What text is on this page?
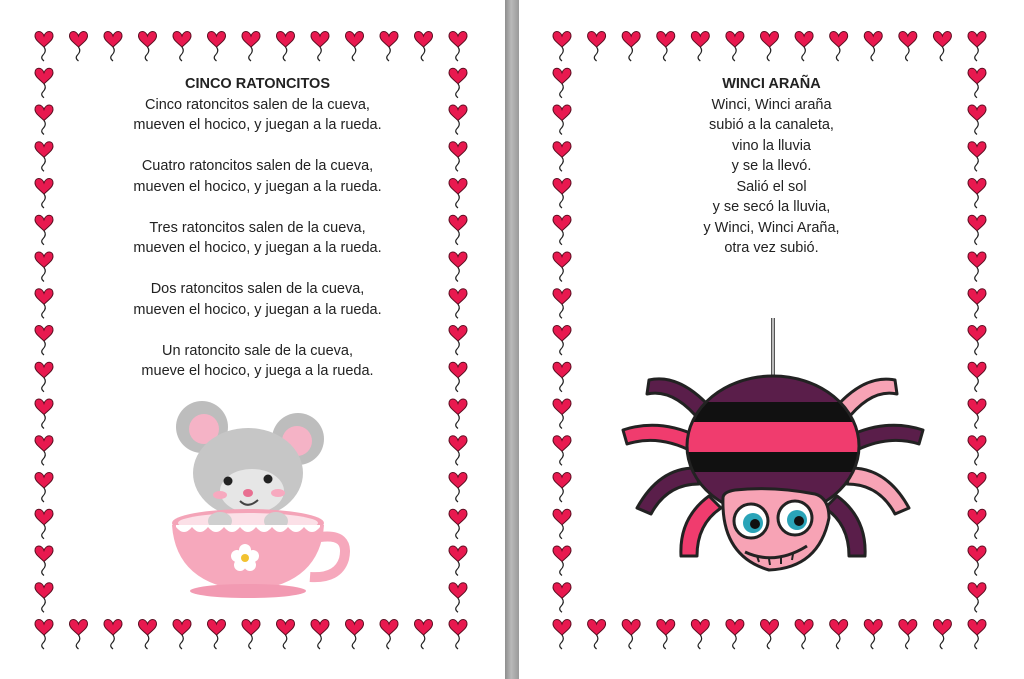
CINCO RATONCITOS
Cinco ratoncitos salen de la cueva,
mueven el hocico, y juegan a la rueda.
Cuatro ratoncitos salen de la cueva,
mueven el hocico, y juegan a la rueda.
Tres ratoncitos salen de la cueva,
mueven el hocico, y juegan a la rueda.
Dos ratoncitos salen de la cueva,
mueven el hocico, y juegan a la rueda.
Un ratoncito sale de la cueva,
mueve el hocico, y juega a la rueda.
WINCI ARAÑA
Winci, Winci araña
subió a la canaleta,
vino la lluvia
y se la llevó.
Salió el sol
y se secó la lluvia,
y Winci, Winci Araña,
otra vez subió.
